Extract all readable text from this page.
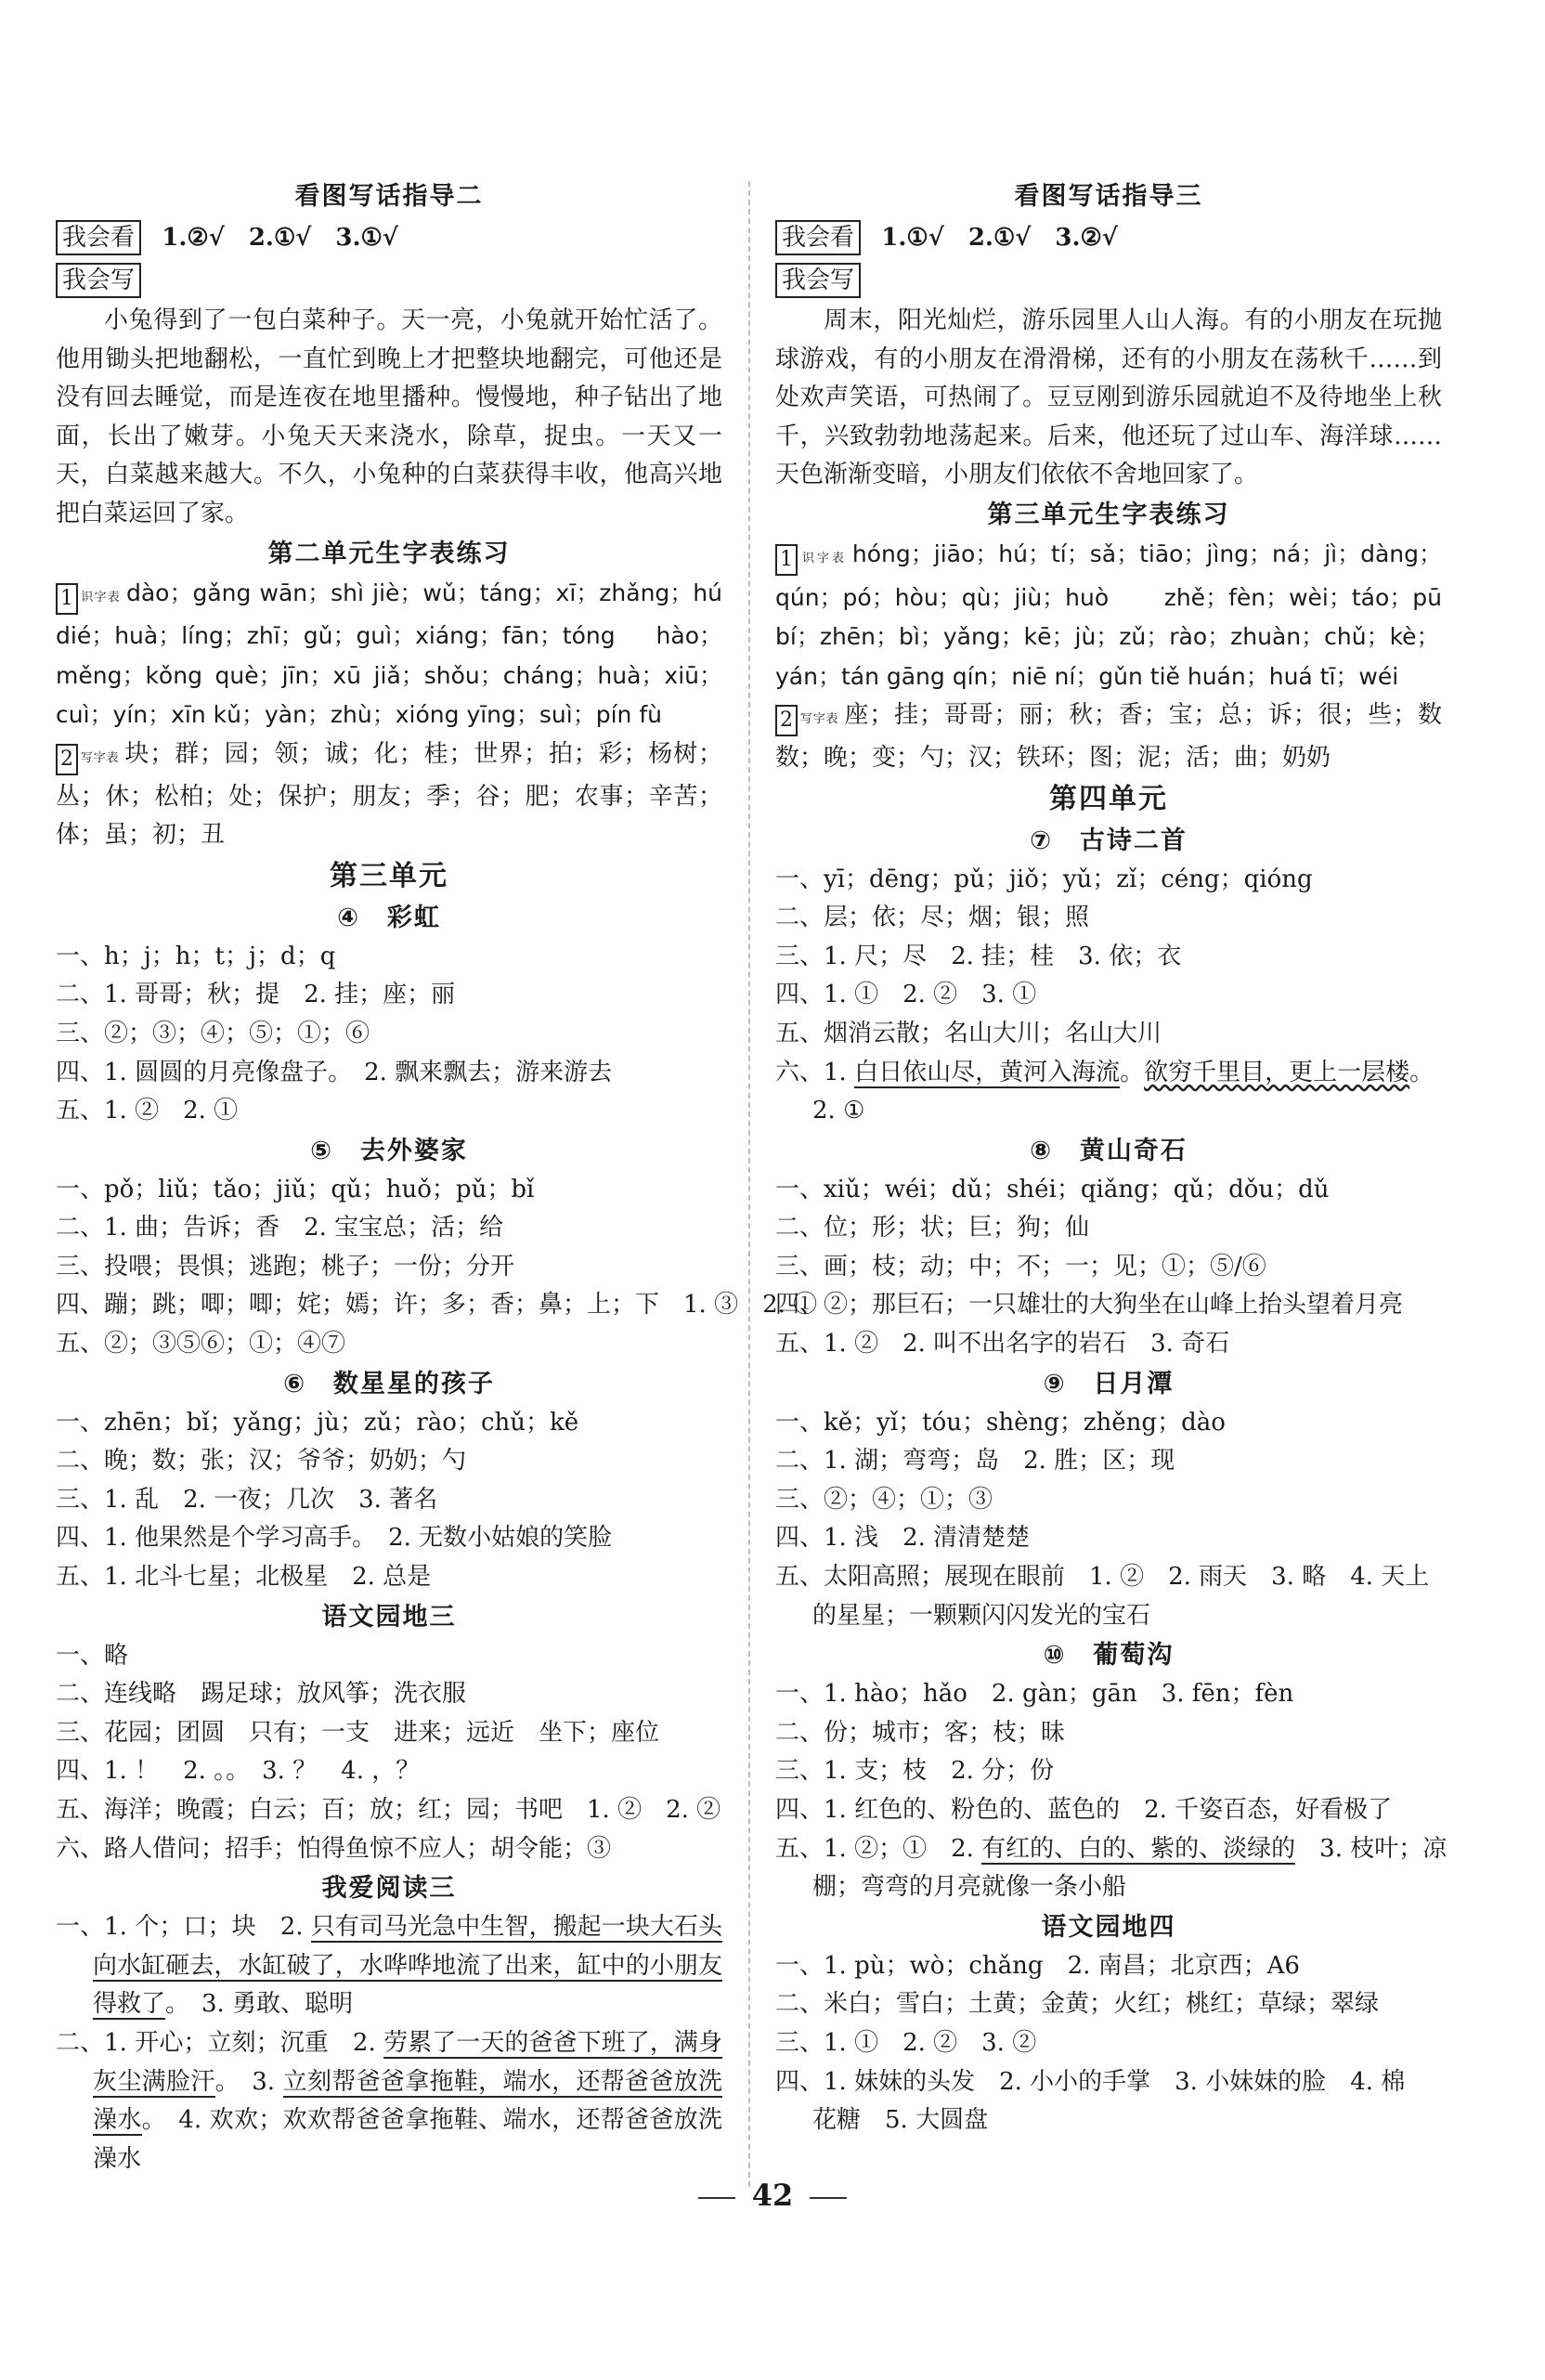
看图写话指导二
我会看 1.②√　2.①√　3.①√
我会写

小兔得到了一包白菜种子。天一亮，小兔就开始忙活了。他用锄头把地翻松，一直忙到晚上才把整块地翻完，可他还是没有回去睡觉，而是连夜在地里播种。慢慢地，种子钻出了地面，长出了嫩芽。小兔天天来浇水，除草，捉虫。一天又一天，白菜越来越大。不久，小兔种的白菜获得丰收，他高兴地把白菜运回了家。

第二单元生字表练习

1 识字表 dào；gǎng wān；shì jiè；wǔ；táng；xī；zhǎng；hú dié；huà；líng；zhī；gǔ；guì；xiáng；fān；tóng hào；měng；kǒng què；jīn；xū jiǎ；shǒu；cháng；huà；xiū；cuì；yín；xīn kǔ；yàn；zhù；xióng yīng；suì；pín fù

2 写字表 块；群；园；领；诚；化；桂；世界；拍；彩；杨树；丛；休；松柏；处；保护；朋友；季；谷；肥；农事；辛苦；体；虽；初；丑

第三单元
④　彩虹
一、h；j；h；t；j；d；q
二、1. 哥哥；秋；提　2. 挂；座；丽
三、②；③；④；⑤；①；⑥
四、1. 圆圆的月亮像盘子。　2. 飘来飘去；游来游去
五、1. ②　2. ①
⑤　去外婆家
一、pǒ；liǔ；tǎo；jiǔ；qǔ；huǒ；pǔ；bǐ
二、1. 曲；告诉；香　2. 宝宝总；活；给
三、投喂；畏惧；逃跑；桃子；一份；分开
四、蹦；跳；唧；唧；姹；嫣；许；多；香；鼻；上；下　1. ③　2. ①
五、②；③⑤⑥；①；④⑦
⑥　数星星的孩子
一、zhēn；bǐ；yǎng；jù；zǔ；rào；chǔ；kě
二、晚；数；张；汉；爷爷；奶奶；勺
三、1. 乱　2. 一夜；几次　3. 著名
四、1. 他果然是个学习高手。　2. 无数小姑娘的笑脸
五、1. 北斗七星；北极星　2. 总是
语文园地三
一、略
二、连线略　踢足球；放风筝；洗衣服
三、花园；团圆　只有；一支　进来；远近　坐下；座位
四、1. ！　2. 。。　3. ？　4. ，？
五、海洋；晚霞；白云；百；放；红；园；书吧　1. ②　2. ②
六、路人借问；招手；怕得鱼惊不应人；胡令能；③
我爱阅读三

一、1. 个；口；块　2. 只有司马光急中生智，搬起一块大石头向水缸砸去，水缸破了，水哗哗地流了出来，缸中的小朋友得救了。　3. 勇敢、聪明

二、1. 开心；立刻；沉重　2. 劳累了一天的爸爸下班了，满身灰尘满脸汗。　3. 立刻帮爸爸拿拖鞋，端水，还帮爸爸放洗澡水。　4. 欢欢；欢欢帮爸爸拿拖鞋、端水，还帮爸爸放洗澡水

看图写话指导三
我会看 1.①√　2.①√　3.②√
我会写

周末，阳光灿烂，游乐园里人山人海。有的小朋友在玩抛球游戏，有的小朋友在滑滑梯，还有的小朋友在荡秋千……到处欢声笑语，可热闹了。豆豆刚到游乐园就迫不及待地坐上秋千，兴致勃勃地荡起来。后来，他还玩了过山车、海洋球……天色渐渐变暗，小朋友们依依不舍地回家了。

第三单元生字表练习

1 识字表 hóng；jiāo；hú；tí；sǎ；tiāo；jìng；ná；jì；dàng；qún；pó；hòu；qù；jiù；huò zhě；fèn；wèi；táo；pū bí；zhēn；bì；yǎng；kē；jù；zǔ；rào；zhuàn；chǔ；kè；yán；tán gāng qín；niē ní；gǔn tiě huán；huá tī；wéi

2 写字表 座；挂；哥哥；丽；秋；香；宝；总；诉；很；些；数数；晚；变；勺；汉；铁环；图；泥；活；曲；奶奶

第四单元
⑦　古诗二首
一、yī；dēng；pǔ；jiǒ；yǔ；zǐ；céng；qióng
二、层；依；尽；烟；银；照
三、1. 尺；尽　2. 挂；桂　3. 依；衣
四、1. ①　2. ②　3. ①
五、烟消云散；名山大川；名山大川
六、1. 白日依山尽，黄河入海流。欲穷千里目，更上一层楼。
2. ①
⑧　黄山奇石
一、xiǔ；wéi；dǔ；shéi；qiǎng；qǔ；dǒu；dǔ
二、位；形；状；巨；狗；仙
三、画；枝；动；中；不；一；见；①；⑤/⑥
四、②；那巨石；一只雄壮的大狗坐在山峰上抬头望着月亮
五、1. ②　2. 叫不出名字的岩石　3. 奇石
⑨　日月潭
一、kě；yǐ；tóu；shèng；zhěng；dào
二、1. 湖；弯弯；岛　2. 胜；区；现
三、②；④；①；③
四、1. 浅　2. 清清楚楚
五、太阳高照；展现在眼前　1. ②　2. 雨天　3. 略　4. 天上
的星星；一颗颗闪闪发光的宝石
⑩　葡萄沟
一、1. hào；hǎo　2. gàn；gān　3. fēn；fèn
二、份；城市；客；枝；昧
三、1. 支；枝　2. 分；份
四、1. 红色的、粉色的、蓝色的　2. 千姿百态，好看极了
五、1. ②；①　2. 有红的、白的、紫的、淡绿的　3. 枝叶；凉
棚；弯弯的月亮就像一条小船
语文园地四
一、1. pù；wò；chǎng　2. 南昌；北京西；A6
二、米白；雪白；土黄；金黄；火红；桃红；草绿；翠绿
三、1. ①　2. ②　3. ②
四、1. 妹妹的头发　2. 小小的手掌　3. 小妹妹的脸　4. 棉
花糖　5. 大圆盘
42
